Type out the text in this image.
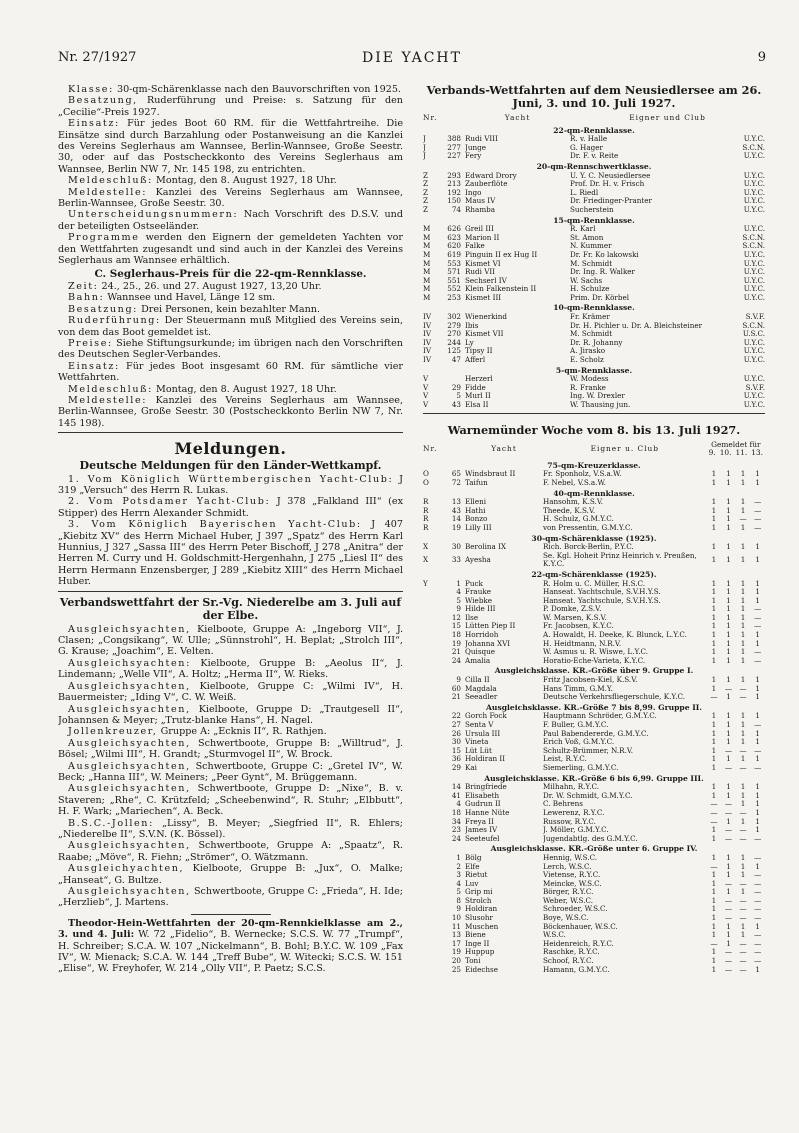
Nr. 27/1927	DIE YACHT	9

Klasse: 30-qm-Schärenklasse nach den Bauvorschriften von 1925.

Besatzung, Ruderführung und Preise: s. Satzung für den „Cecilie“-Preis 1927.

Einsatz: Für jedes Boot 60 RM. für die Wettfahrtreihe. Die Einsätze sind durch Barzahlung oder Postanweisung an die Kanzlei des Vereins Seglerhaus am Wannsee, Berlin-Wannsee, Große Seestr. 30, oder auf das Postscheckkonto des Vereins Seglerhaus am Wannsee, Berlin NW 7, Nr. 145 198, zu entrichten.

Meldeschluß: Montag, den 8. August 1927, 18 Uhr.

Meldestelle: Kanzlei des Vereins Seglerhaus am Wannsee, Berlin-Wannsee, Große Seestr. 30.

Unterscheidungsnummern: Nach Vorschrift des D.S.V. und der beteiligten Ostseeländer.

Programme werden den Eignern der gemeldeten Yachten vor den Wettfahrten zugesandt und sind auch in der Kanzlei des Vereins Seglerhaus am Wannsee erhältlich.

C. Seglerhaus-Preis für die 22-qm-Rennklasse.

Zeit: 24., 25., 26. und 27. August 1927, 13,20 Uhr.

Bahn: Wannsee und Havel, Länge 12 sm.

Besatzung: Drei Personen, kein bezahlter Mann.

Ruderführung: Der Steuermann muß Mitglied des Vereins sein, von dem das Boot gemeldet ist.

Preise: Siehe Stiftungsurkunde; im übrigen nach den Vorschriften des Deutschen Segler-Verbandes.

Einsatz: Für jedes Boot insgesamt 60 RM. für sämtliche vier Wettfahrten.

Meldeschluß: Montag, den 8. August 1927, 18 Uhr.

Meldestelle: Kanzlei des Vereins Seglerhaus am Wannsee, Berlin-Wannsee, Große Seestr. 30 (Postscheckkonto Berlin NW 7, Nr. 145 198).

Meldungen.
Deutsche Meldungen für den Länder-Wettkampf.

1. Vom Königlich Württembergischen Yacht-Club: J 319 „Versuch“ des Herrn R. Lukas.

2. Vom Potsdamer Yacht-Club: J 378 „Falkland III“ (ex Stipper) des Herrn Alexander Schmidt.

3. Vom Königlich Bayerischen Yacht-Club: J 407 „Kiebitz XV“ des Herrn Michael Huber, J 397 „Spatz“ des Herrn Karl Hunnius, J 327 „Sassa III“ des Herrn Peter Bischoff, J 278 „Anitra“ der Herren M. Curry und H. Goldschmitt-Hergenhahn, J 275 „Liesl II“ des Herrn Hermann Enzensberger, J 289 „Kiebitz XIII“ des Herrn Michael Huber.

Verbandswettfahrt der Sr.-Vg. Niederelbe am 3. Juli auf der Elbe.

Ausgleichsyachten, Kielboote, Gruppe A: „Ingeborg VII“, J. Clasen; „Congsikang“, W. Ulle; „Sünnstrohl“, H. Beplat; „Strolch III“, G. Krause; „Joachim“, E. Velten.

Ausgleichsyachten: Kielboote, Gruppe B: „Aeolus II“, J. Lindemann; „Welle VII“, A. Holtz; „Herma II“, W. Rieks.

Ausgleichsyachten, Kielboote, Gruppe C: „Wilmi IV“, H. Bauermeister; „Iding V“, C. W. Weiß.

Ausgleichsyachten, Kielboote, Gruppe D: „Trautgesell II“, Johannsen & Meyer; „Trutz-blanke Hans“, H. Nagel.

Jollenkreuzer, Gruppe A: „Ecknis II“, R. Rathjen.

Ausgleichsyachten, Schwertboote, Gruppe B: „Willtrud“, J. Bösel; „Wilmi III“, H. Grandt; „Sturmvogel II“, W. Brock.

Ausgleichsyachten, Schwertboote, Gruppe C: „Gretel IV“, W. Beck; „Hanna III“, W. Meiners; „Peer Gynt“, M. Brüggemann.

Ausgleichsyachten, Schwertboote, Gruppe D: „Nixe“, B. v. Staveren; „Rhe“, C. Krützfeld; „Scheebenwind“, R. Stuhr; „Elbbutt“, H. F. Wark; „Mariechen“, A. Beck.

B.S.C.-Jollen: „Lissy“, B. Meyer; „Siegfried II“, R. Ehlers; „Niederelbe II“, S.V.N. (K. Bössel).

Ausgleichsyachten, Schwertboote, Gruppe A: „Spaatz“, R. Raabe; „Möve“, R. Fiehn; „Strömer“, O. Wätzmann.

Ausgleichyachten, Kielboote, Gruppe B: „Jux“, O. Malke; „Hanseat“, G. Bultze.

Ausgleichsyachten, Schwertboote, Gruppe C: „Frieda“, H. Ide; „Herzlieb“, J. Martens.

Theodor-Hein-Wettfahrten der 20-qm-Rennkielklasse am 2., 3. und 4. Juli: W. 72 „Fidelio“, B. Wernecke; S.C.S. W. 77 „Trumpf“, H. Schreiber; S.C.A. W. 107 „Nickelmann“, B. Bohl; B.Y.C. W. 109 „Fax IV“, W. Mienack; S.C.A. W. 144 „Treff Bube“, W. Witecki; S.C.S. W. 151 „Elise“, W. Freyhofer, W. 214 „Olly VII“, P. Paetz; S.C.S.

Verbands-Wettfahrten auf dem Neusiedlersee am 26. Juni, 3. und 10. Juli 1927.
Nr.		Yacht	Eigner und Club	
22-qm-Rennklasse.				
J	388	Rudi VIII	R. v. Halle	U.Y.C.
J	277	Junge	G. Hager	S.C.N.
J	227	Fery	Dr. F. v. Reite	U.Y.C.
20-qm-Rennschwertklasse.				
Z	293	Edward Drory	U. Y. C. Neusiedlersee	U.Y.C.
Z	213	Zauberflöte	Prof. Dr. H. v. Frisch	U.Y.C.
Z	192	Ingo	L. Riedl	U.Y.C.
Z	150	Maus IV	Dr. Friedinger-Pranter	U.Y.C.
Z	74	Rhamba	Sucherstein	U.Y.C.
15-qm-Rennklasse.				
M	626	Greil III	R. Karl	U.Y.C.
M	623	Marion II	St. Amon	S.C.N.
M	620	Falke	N. Kummer	S.C.N.
M	619	Pinguin II ex Hug II	Dr. Fr. Ko lakowski	U.Y.C.
M	553	Kismet VI	M. Schmidt	U.Y.C.
M	571	Rudi VII	Dr. Ing. R. Walker	U.Y.C.
M	551	Sechserl IV	W. Sachs	U.Y.C.
M	552	Klein Falkenstein II	H. Schulze	U.Y.C.
M	253	Kismet III	Prim. Dr. Körbel	U.Y.C.
10-qm-Rennklasse.				
IV	302	Wienerkind	Fr. Krämer	S.V.F.
IV	279	Ibis	Dr. H. Pichler u. Dr. A. Bleichsteiner	S.C.N.
IV	270	Kismet VII	M. Schmidt	U.S.C.
IV	244	Ly	Dr. R. Johanny	U.Y.C.
IV	125	Tipsy II	A. Jirasko	U.Y.C.
IV	47	Afferl	E. Scholz	U.Y.C.
5-qm-Rennklasse.				
V		Herzerl	W. Modess	U.Y.C.
V	29	Fidde	R. Franke	S.V.F.
V	5	Murl II	Ing. W. Drexler	U.Y.C.
V	43	Elsa II	W. Thausing jun.	U.Y.C.
Warnemünder Woche vom 8. bis 13. Juli 1927.
Nr.		Yacht	Eigner u. Club	Gemeldet für
9. 10. 11. 13.			

75-qm-Kreuzerklasse.							
O	65	Windsbraut II	Fr. Sponholz, V.S.a.W.	1	1	1	1
O	72	Taifun	F. Nebel, V.S.a.W.	1	1	1	1
40-qm-Rennklasse.							
R	13	Elleni	Hansohm, K.S.V.	1	1	1	—
R	43	Hathi	Theede, K.S.V.	1	1	1	—
R	14	Bonzo	H. Schulz, G.M.Y.C.	1	1	—	—
R	19	Lilly III	von Pressentin, G.M.Y.C.	1	1	1	—
30-qm-Schärenklasse (1925).							
X	30	Berolina IX	Rich. Borck-Berlin, P.Y.C.	1	1	1	1
X	33	Ayesha	Se. Kgl. Hoheit Prinz Heinrich v. Preußen, K.Y.C.	1	1	1	1
22-qm-Schärenklasse (1925).							
Y	1	Puck	R. Holm u. C. Müller, H.S.C.	1	1	1	1
	4	Frauke	Hanseat. Yachtschule, S.V.H.Y.S.	1	1	1	1
	5	Wiebke	Hanseat. Yachtschule, S.V.H.Y.S.	1	1	1	1
	9	Hilde III	P. Domke, Z.S.V.	1	1	1	—
	12	Ilse	W. Marsen, K.S.V.	1	1	1	—
	15	Lütten Piep II	Fr. Jacobsen, K.Y.C.	1	1	1	—
	18	Horridoh	A. Howaldt, H. Deeke, K. Blunck, L.Y.C.	1	1	1	1
	19	Johanna XVI	H. Heidtmann, N.R.V.	1	1	1	1
	21	Quisque	W. Asmus u. R. Wiswe, L.Y.C.	1	1	1	—
	24	Amalia	Horatio-Eche-Varieta, K.Y.C.	1	1	1	—
Ausgleichsklasse. KR.-Größe über 9. Gruppe I.							
	9	Cilla II	Fritz Jacobsen-Kiel, K.S.V.	1	1	1	1
	60	Magdala	Hans Timm, G.M.Y.	1	—	—	1
	21	Seeadler	Deutsche Verkehrsfliegerschule, K.Y.C.	—	1	—	1
Ausgleichsklasse. KR.-Größe 7 bis 8,99. Gruppe II.							
	22	Gorch Fock	Hauptmann Schröder, G.M.Y.C.	1	1	1	1
	27	Senta V	F. Buller, G.M.Y.C.	1	1	1	—
	26	Ursula III	Paul Babendererde, G.M.Y.C.	1	1	1	1
	30	Vineta	Erich Voß, G.M.Y.C.	1	1	1	1
	15	Lüt Lüt	Schultz-Brümmer, N.R.V.	1	—	—	—
	36	Holdiran II	Leist, R.Y.C.	1	1	1	1
	29	Kai	Siemerling, G.M.Y.C.	1	—	—	—
Ausgleichsklasse. KR.-Größe 6 bis 6,99. Gruppe III.							
	14	Bringfriede	Milhahn, R.Y.C.	1	1	1	1
	41	Elisabeth	Dr. W. Schmidt, G.M.Y.C.	1	1	1	1
	4	Gudrun II	C. Behrens	—	—	1	1
	18	Hanne Nüte	Lewerenz, R.Y.C.	—	—	—	1
	34	Freya II	Russow, R.Y.C.	—	1	1	1
	23	James IV	J. Möller, G.M.Y.C.	1	—	—	1
	24	Seeteufel	Jugendabtlg. des G.M.Y.C.	1	—	—	—
Ausgleichsklasse. KR.-Größe unter 6. Gruppe IV.							
	1	Bölg	Hennig, W.S.C.	1	1	1	—
	2	Elfe	Lerch, W.S.C.	—	1	1	1
	3	Rietut	Vietense, R.Y.C.	1	1	1	—
	4	Luv	Meincke, W.S.C.	1	—	—	—
	5	Grip mi	Börger, R.Y.C.	1	1	1	—
	8	Strolch	Weber, W.S.C.	1	—	—	—
	9	Holdiran	Schroeder, W.S.C.	1	—	—	—
	10	Slusohr	Boye, W.S.C.	1	—	—	—
	11	Muschen	Böckenhauer, W.S.C.	1	1	1	1
	13	Biene	W.S.C.	1	1	1	—
	17	Inge II	Heidenreich, R.Y.C.	—	1	—	—
	19	Huppup	Raschke, R.Y.C.	1	—	—	—
	20	Toni	Schoof, R.Y.C.	1	—	—	—
	25	Eidechse	Hamann, G.M.Y.C.	1	—	—	1
